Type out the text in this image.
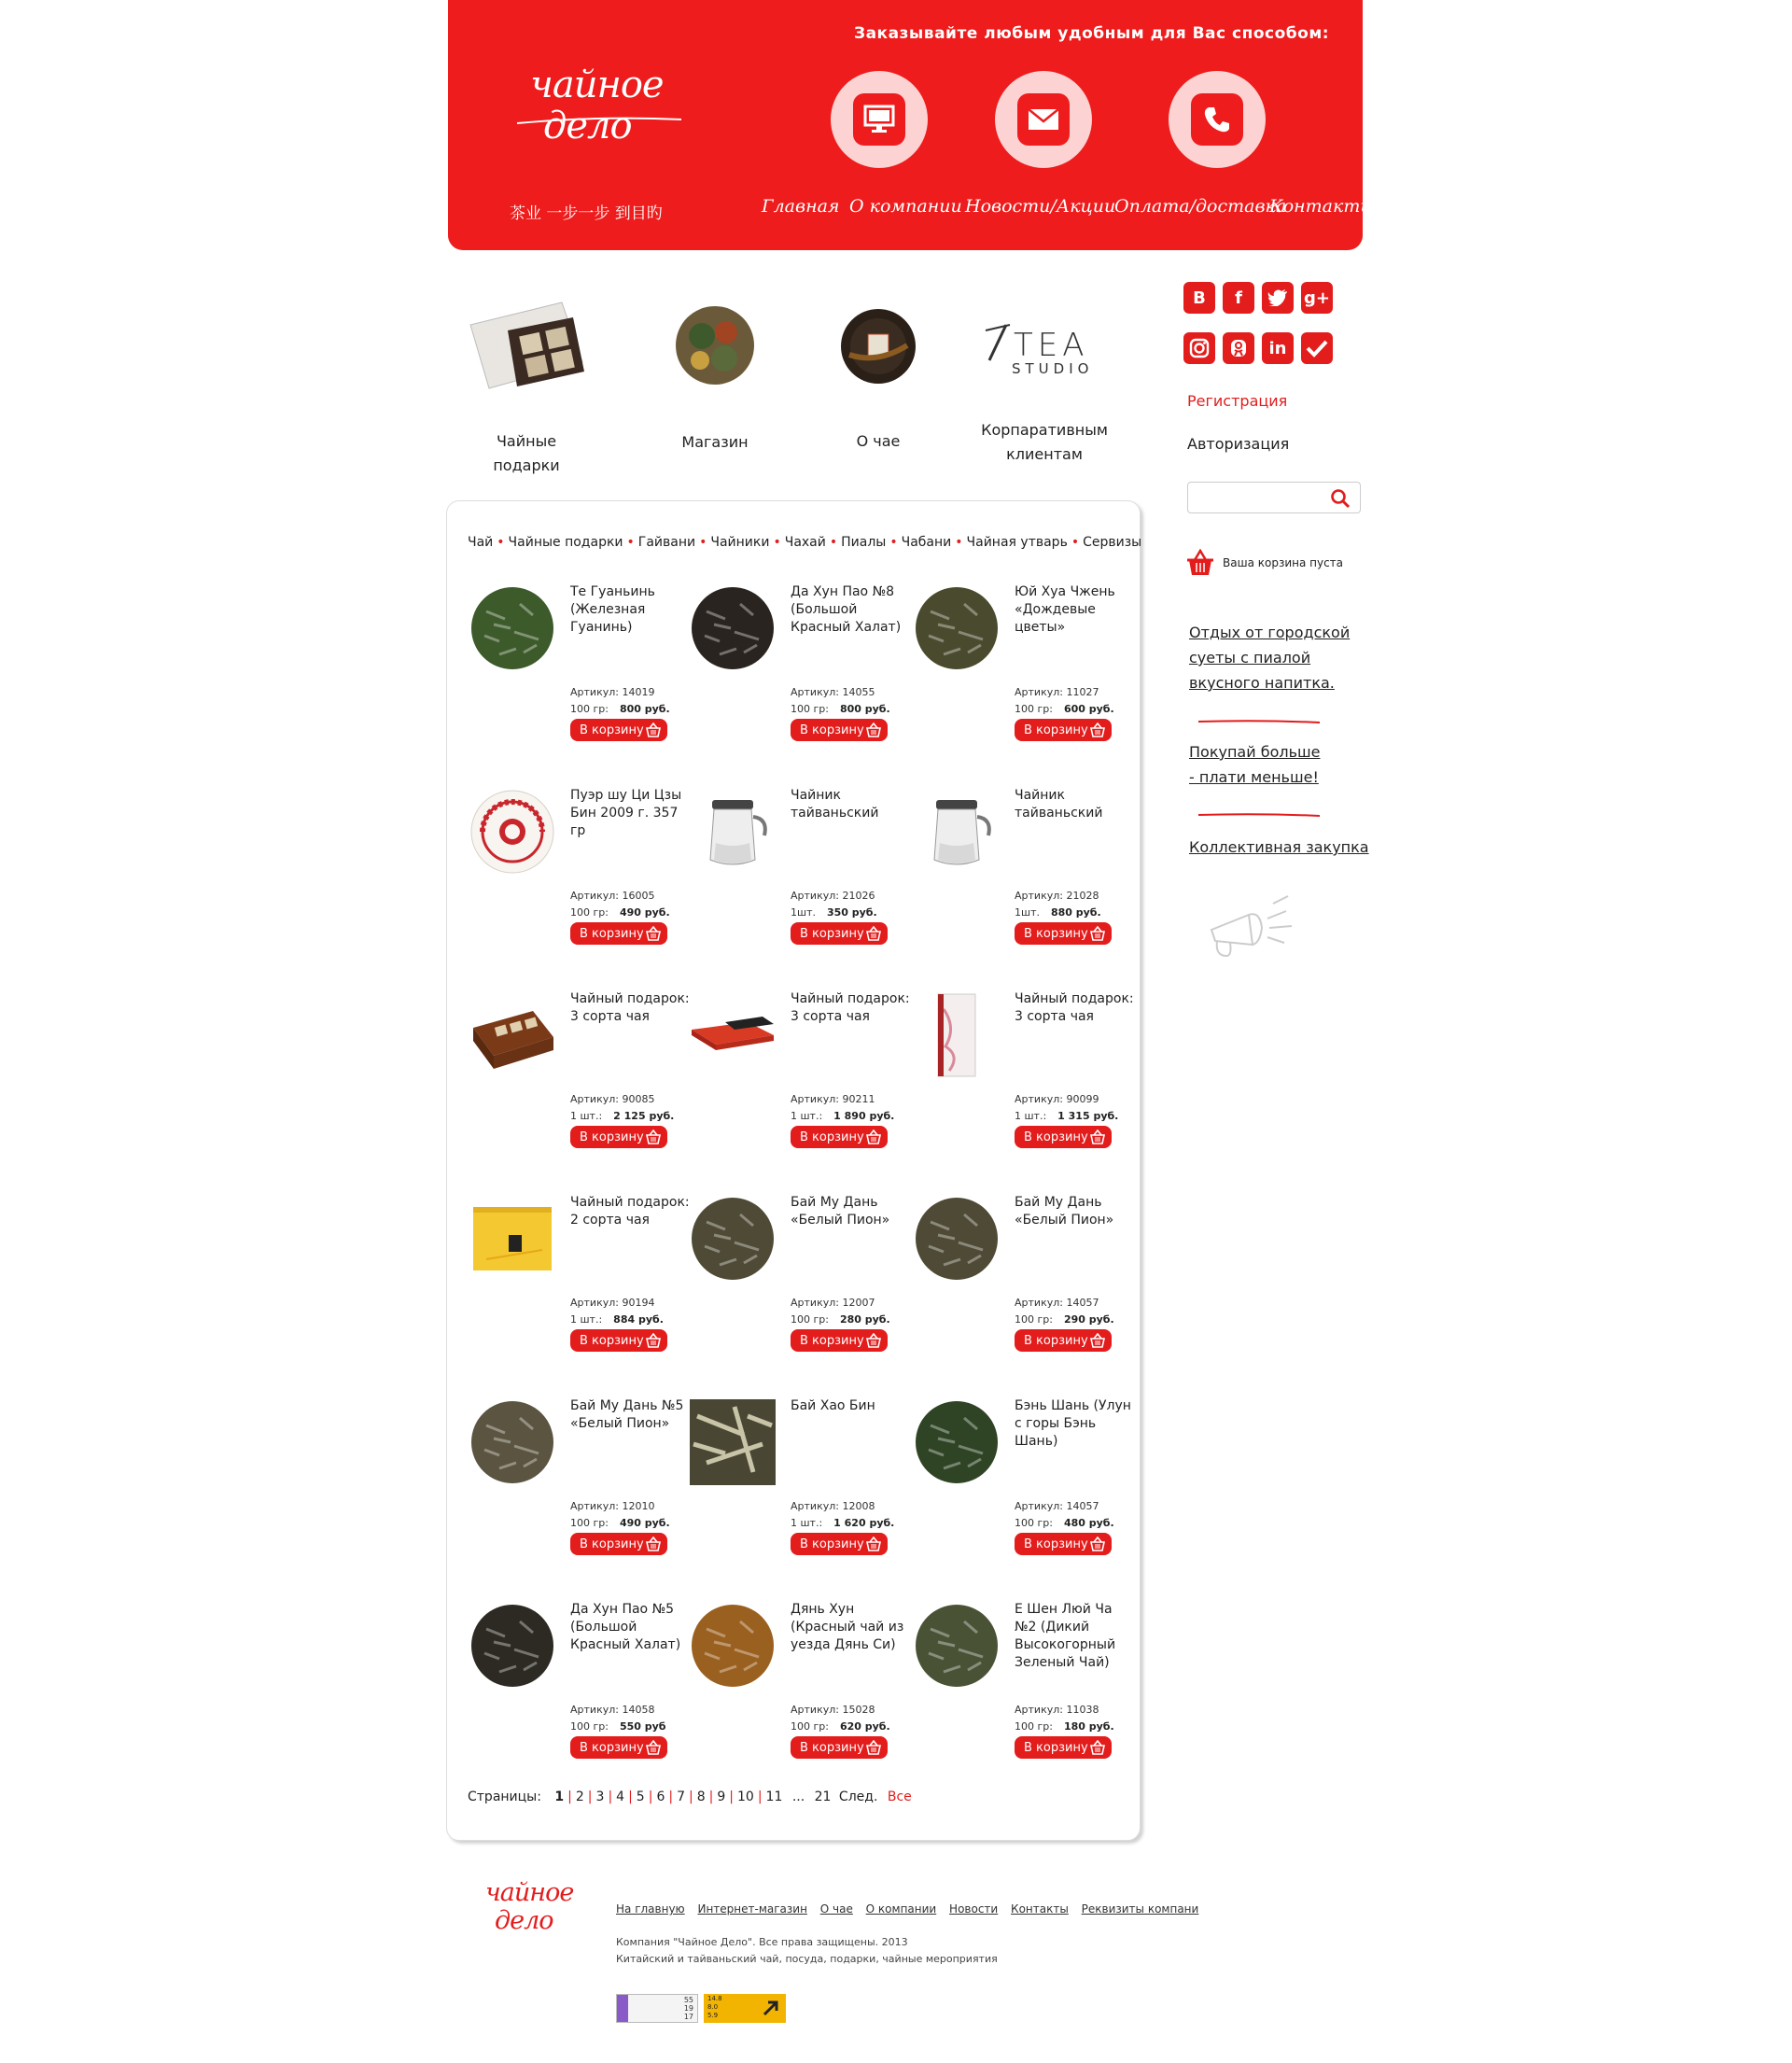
чайное
дело
茶业 一步一步 到目旳
Заказывайте любым удобным для Вас способом:
Главная О компании Новости/Акции
Оплата/доставка
Контакты
TEA
STUDIO
Чайные подарки
Магазин	О чае
Корпаративным клиентам
B	f	g+
in
Регистрация
Авторизация
Ваша корзина пуста
Отдых от городской суеты с пиалой вкусного напитка.
Покупай больше - плати меньше!
Коллективная закупка
Чай • Чайные подарки • Гайвани • Чайники • Чахай • Пиалы • Чабани • Чайная утварь • Сервизы
Те Гуаньинь (Железная Гуанинь)
Артикул: 14019
100 гр: 800 руб.
В корзину
Да Хун Пао №8 (Большой Красный Халат)
Артикул: 14055
100 гр: 800 руб.
В корзину
Юй Хуа Чжень «Дождевые цветы»
Артикул: 11027
100 гр: 600 руб.
В корзину
Пуэр шу Ци Цзы Бин 2009 г. 357 гр
Артикул: 16005
100 гр: 490 руб.
В корзину
Чайник тайваньский
Артикул: 21026
1шт. 350 руб.
В корзину
Чайник тайваньский
Артикул: 21028
1шт. 880 руб.
В корзину
Чайный подарок: 3 сорта чая
Артикул: 90085
1 шт.: 2 125 руб.
В корзину
Чайный подарок: 3 сорта чая
Артикул: 90211
1 шт.: 1 890 руб.
В корзину
Чайный подарок: 3 сорта чая
Артикул: 90099
1 шт.: 1 315 руб.
В корзину
Чайный подарок: 2 сорта чая
Артикул: 90194
1 шт.: 884 руб.
В корзину
Бай Му Дань «Белый Пион»
Артикул: 12007
100 гр: 280 руб.
В корзину
Бай Му Дань «Белый Пион»
Артикул: 14057
100 гр: 290 руб.
В корзину
Бай Му Дань №5 «Белый Пион»
Артикул: 12010
100 гр: 490 руб.
В корзину
Бай Хао Бин
Артикул: 12008
1 шт.: 1 620 руб.
В корзину
Бэнь Шань (Улун с горы Бэнь Шань)
Артикул: 14057
100 гр: 480 руб.
В корзину
Да Хун Пао №5 (Большой Красный Халат)
Артикул: 14058
100 гр: 550 руб
В корзину
Дянь Хун (Красный чай из уезда Дянь Си)
Артикул: 15028
100 гр: 620 руб.
В корзину
Е Шен Люй Ча №2 (Дикий Высокогорный Зеленый Чай)
Артикул: 11038
100 гр: 180 руб.
В корзину
Страницы: 1 | 2 | 3 | 4 | 5 | 6 | 7 | 8 | 9 | 10 | 11 ... 21 След. Все
чайное
дело	На главную Интернет-магазин О чае О компании Новости Контакты Реквизиты компани
Компания "Чайное Дело". Все права защищены. 2013
Китайский и тайваньский чай, посуда, подарки, чайные мероприятия
55
19
17
14.8
8.0
5.9
